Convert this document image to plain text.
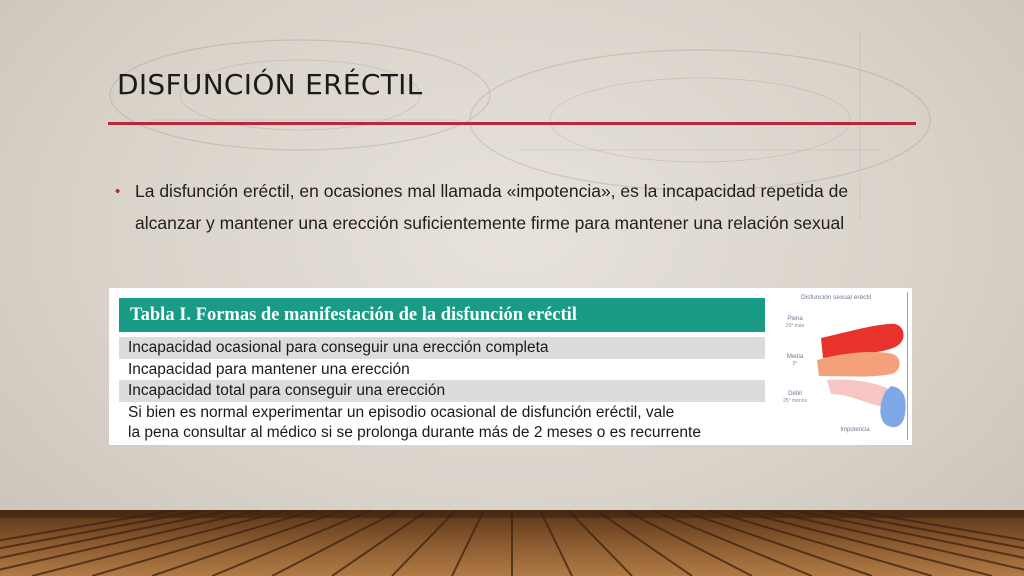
DISFUNCIÓN ERÉCTIL
• La disfunción eréctil, en ocasiones mal llamada «impotencia», es la incapacidad repetida de alcanzar y mantener una erección suficientemente firme para mantener una relación sexual
Tabla I. Formas de manifestación de la disfunción eréctil
Incapacidad ocasional para conseguir una erección completa
Incapacidad para mantener una erección
Incapacidad total para conseguir una erección
Si bien es normal experimentar un episodio ocasional de disfunción eréctil, vale
la pena consultar al médico si se prolonga durante más de 2 meses o es recurrente
Disfunción sexual eréctil
Plena
20° más
Media
0°
Débil
25° menos
Impotencia
